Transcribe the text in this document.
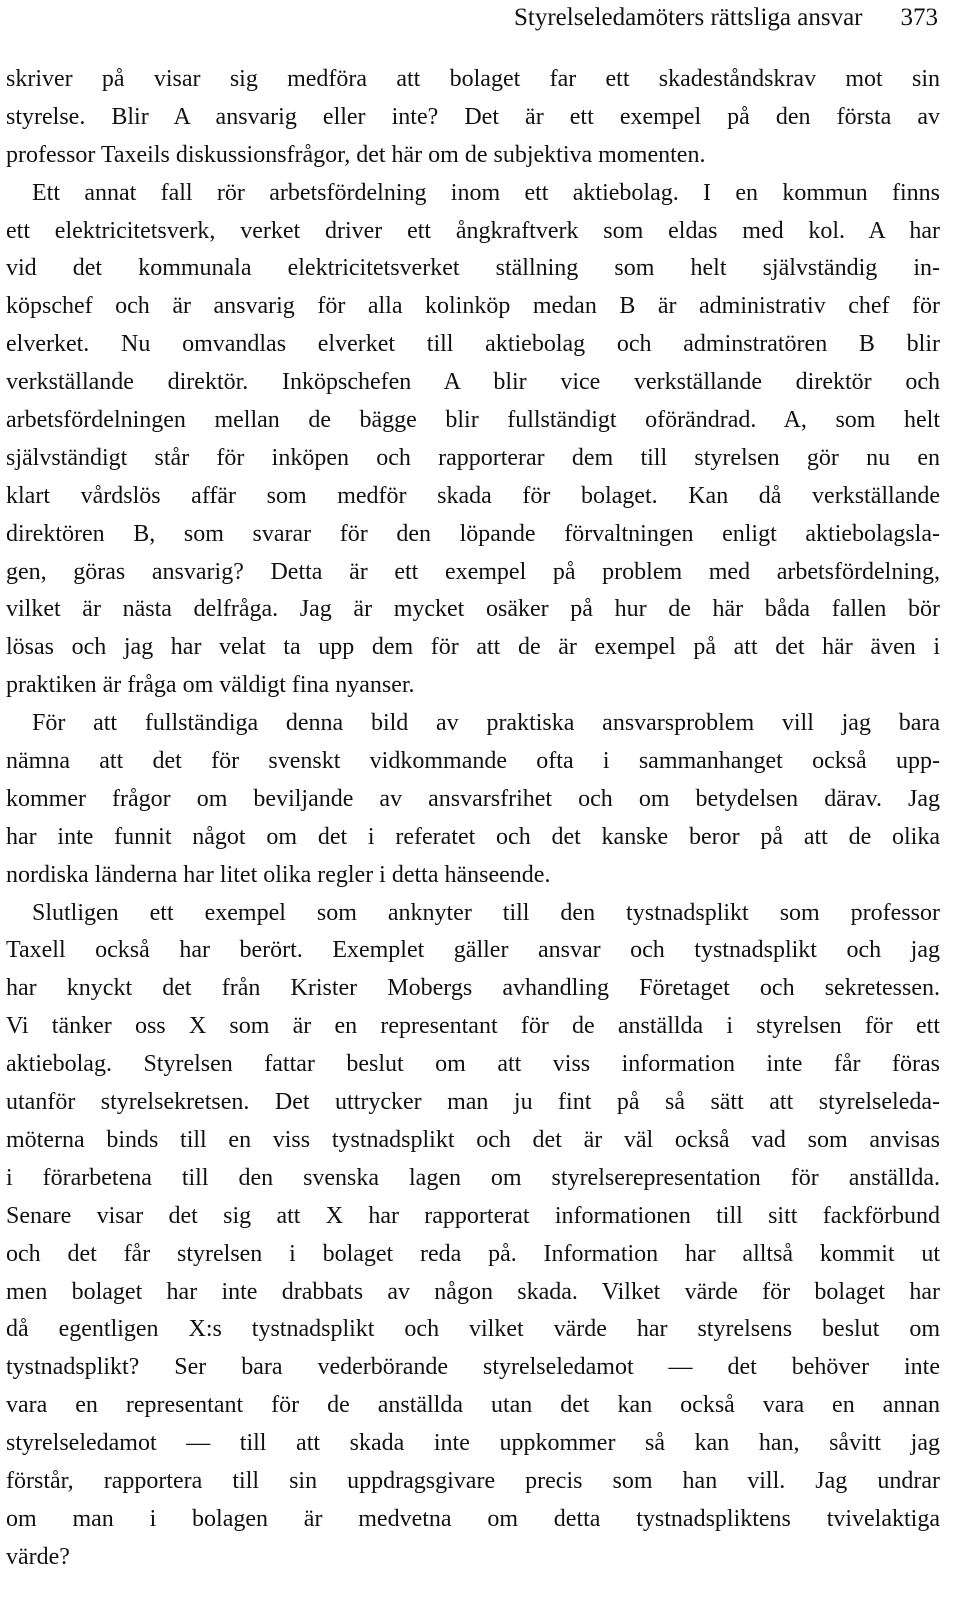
Styrelseledamöters rättsliga ansvar 373
skriver på visar sig medföra att bolaget far ett skadeståndskrav mot sin
styrelse. Blir A ansvarig eller inte? Det är ett exempel på den första av
professor Taxeils diskussionsfrågor, det här om de subjektiva momenten.
Ett annat fall rör arbetsfördelning inom ett aktiebolag. I en kommun finns
ett elektricitetsverk, verket driver ett ångkraftverk som eldas med kol. A har
vid det kommunala elektricitetsverket ställning som helt självständig in-
köpschef och är ansvarig för alla kolinköp medan B är administrativ chef för
elverket. Nu omvandlas elverket till aktiebolag och adminstratören B blir
verkställande direktör. Inköpschefen A blir vice verkställande direktör och
arbetsfördelningen mellan de bägge blir fullständigt oförändrad. A, som helt
självständigt står för inköpen och rapporterar dem till styrelsen gör nu en
klart vårdslös affär som medför skada för bolaget. Kan då verkställande
direktören B, som svarar för den löpande förvaltningen enligt aktiebolagsla-
gen, göras ansvarig? Detta är ett exempel på problem med arbetsfördelning,
vilket är nästa delfråga. Jag är mycket osäker på hur de här båda fallen bör
lösas och jag har velat ta upp dem för att de är exempel på att det här även i
praktiken är fråga om väldigt fina nyanser.
För att fullständiga denna bild av praktiska ansvarsproblem vill jag bara
nämna att det för svenskt vidkommande ofta i sammanhanget också upp-
kommer frågor om beviljande av ansvarsfrihet och om betydelsen därav. Jag
har inte funnit något om det i referatet och det kanske beror på att de olika
nordiska länderna har litet olika regler i detta hänseende.
Slutligen ett exempel som anknyter till den tystnadsplikt som professor
Taxell också har berört. Exemplet gäller ansvar och tystnadsplikt och jag
har knyckt det från Krister Mobergs avhandling Företaget och sekretessen.
Vi tänker oss X som är en representant för de anställda i styrelsen för ett
aktiebolag. Styrelsen fattar beslut om att viss information inte får föras
utanför styrelsekretsen. Det uttrycker man ju fint på så sätt att styrelseleda-
möterna binds till en viss tystnadsplikt och det är väl också vad som anvisas
i förarbetena till den svenska lagen om styrelserepresentation för anställda.
Senare visar det sig att X har rapporterat informationen till sitt fackförbund
och det får styrelsen i bolaget reda på. Information har alltså kommit ut
men bolaget har inte drabbats av någon skada. Vilket värde för bolaget har
då egentligen X:s tystnadsplikt och vilket värde har styrelsens beslut om
tystnadsplikt? Ser bara vederbörande styrelseledamot — det behöver inte
vara en representant för de anställda utan det kan också vara en annan
styrelseledamot — till att skada inte uppkommer så kan han, såvitt jag
förstår, rapportera till sin uppdragsgivare precis som han vill. Jag undrar
om man i bolagen är medvetna om detta tystnadspliktens tvivelaktiga
värde?
